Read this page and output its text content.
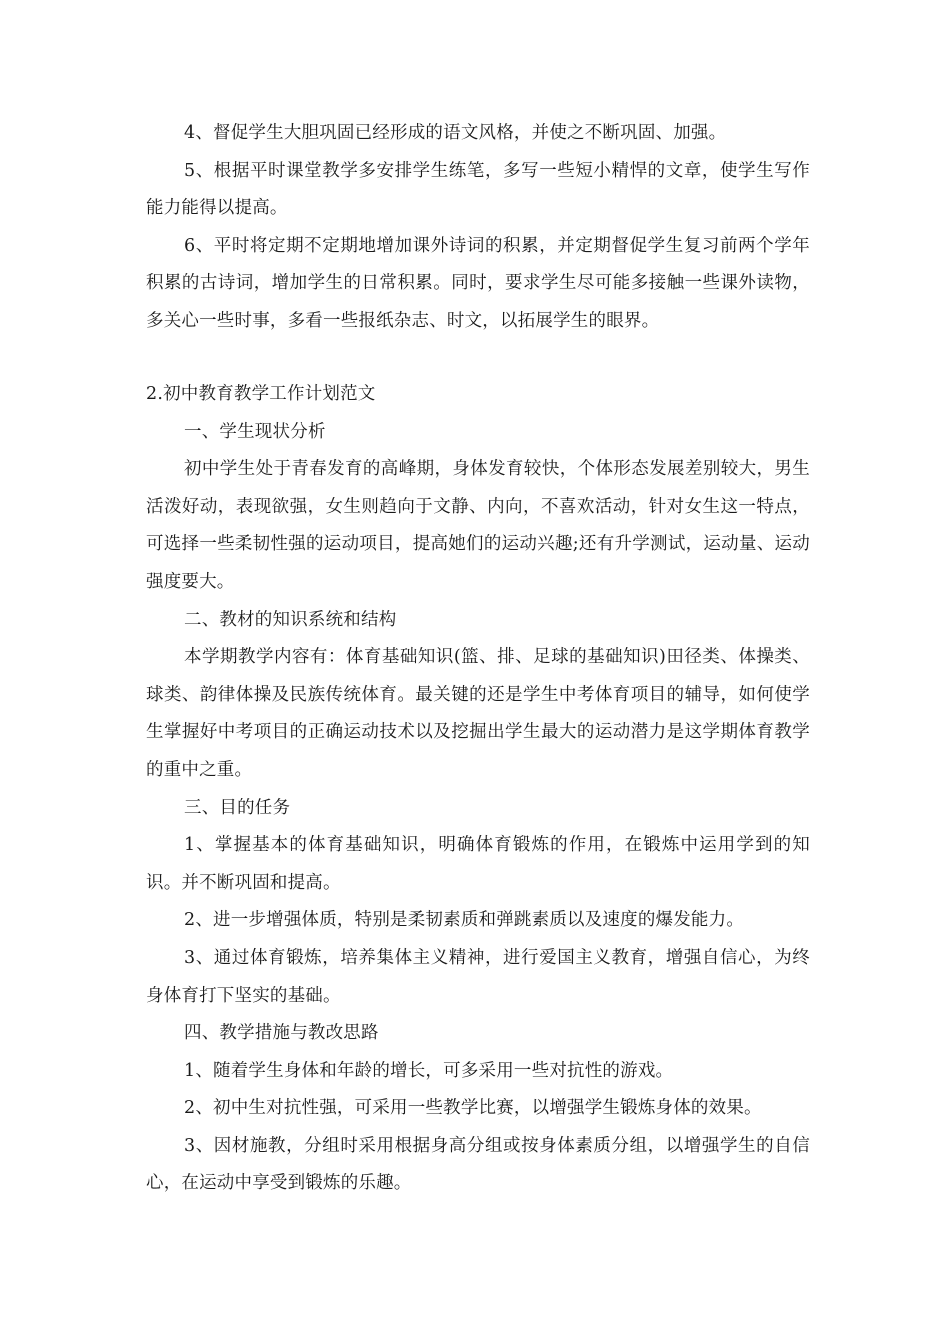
4、督促学生大胆巩固已经形成的语文风格，并使之不断巩固、加强。
5、根据平时课堂教学多安排学生练笔，多写一些短小精悍的文章，使学生写作能力能得以提高。
6、平时将定期不定期地增加课外诗词的积累，并定期督促学生复习前两个学年积累的古诗词，增加学生的日常积累。同时，要求学生尽可能多接触一些课外读物，多关心一些时事，多看一些报纸杂志、时文，以拓展学生的眼界。
2.初中教育教学工作计划范文
一、学生现状分析
初中学生处于青春发育的高峰期，身体发育较快，个体形态发展差别较大，男生活泼好动，表现欲强，女生则趋向于文静、内向，不喜欢活动，针对女生这一特点，可选择一些柔韧性强的运动项目，提高她们的运动兴趣;还有升学测试，运动量、运动强度要大。
二、教材的知识系统和结构
本学期教学内容有：体育基础知识(篮、排、足球的基础知识)田径类、体操类、球类、韵律体操及民族传统体育。最关键的还是学生中考体育项目的辅导，如何使学生掌握好中考项目的正确运动技术以及挖掘出学生最大的运动潜力是这学期体育教学的重中之重。
三、目的任务
1、掌握基本的体育基础知识，明确体育锻炼的作用，在锻炼中运用学到的知识。并不断巩固和提高。
2、进一步增强体质，特别是柔韧素质和弹跳素质以及速度的爆发能力。
3、通过体育锻炼，培养集体主义精神，进行爱国主义教育，增强自信心，为终身体育打下坚实的基础。
四、教学措施与教改思路
1、随着学生身体和年龄的增长，可多采用一些对抗性的游戏。
2、初中生对抗性强，可采用一些教学比赛，以增强学生锻炼身体的效果。
3、因材施教，分组时采用根据身高分组或按身体素质分组，以增强学生的自信心，在运动中享受到锻炼的乐趣。
